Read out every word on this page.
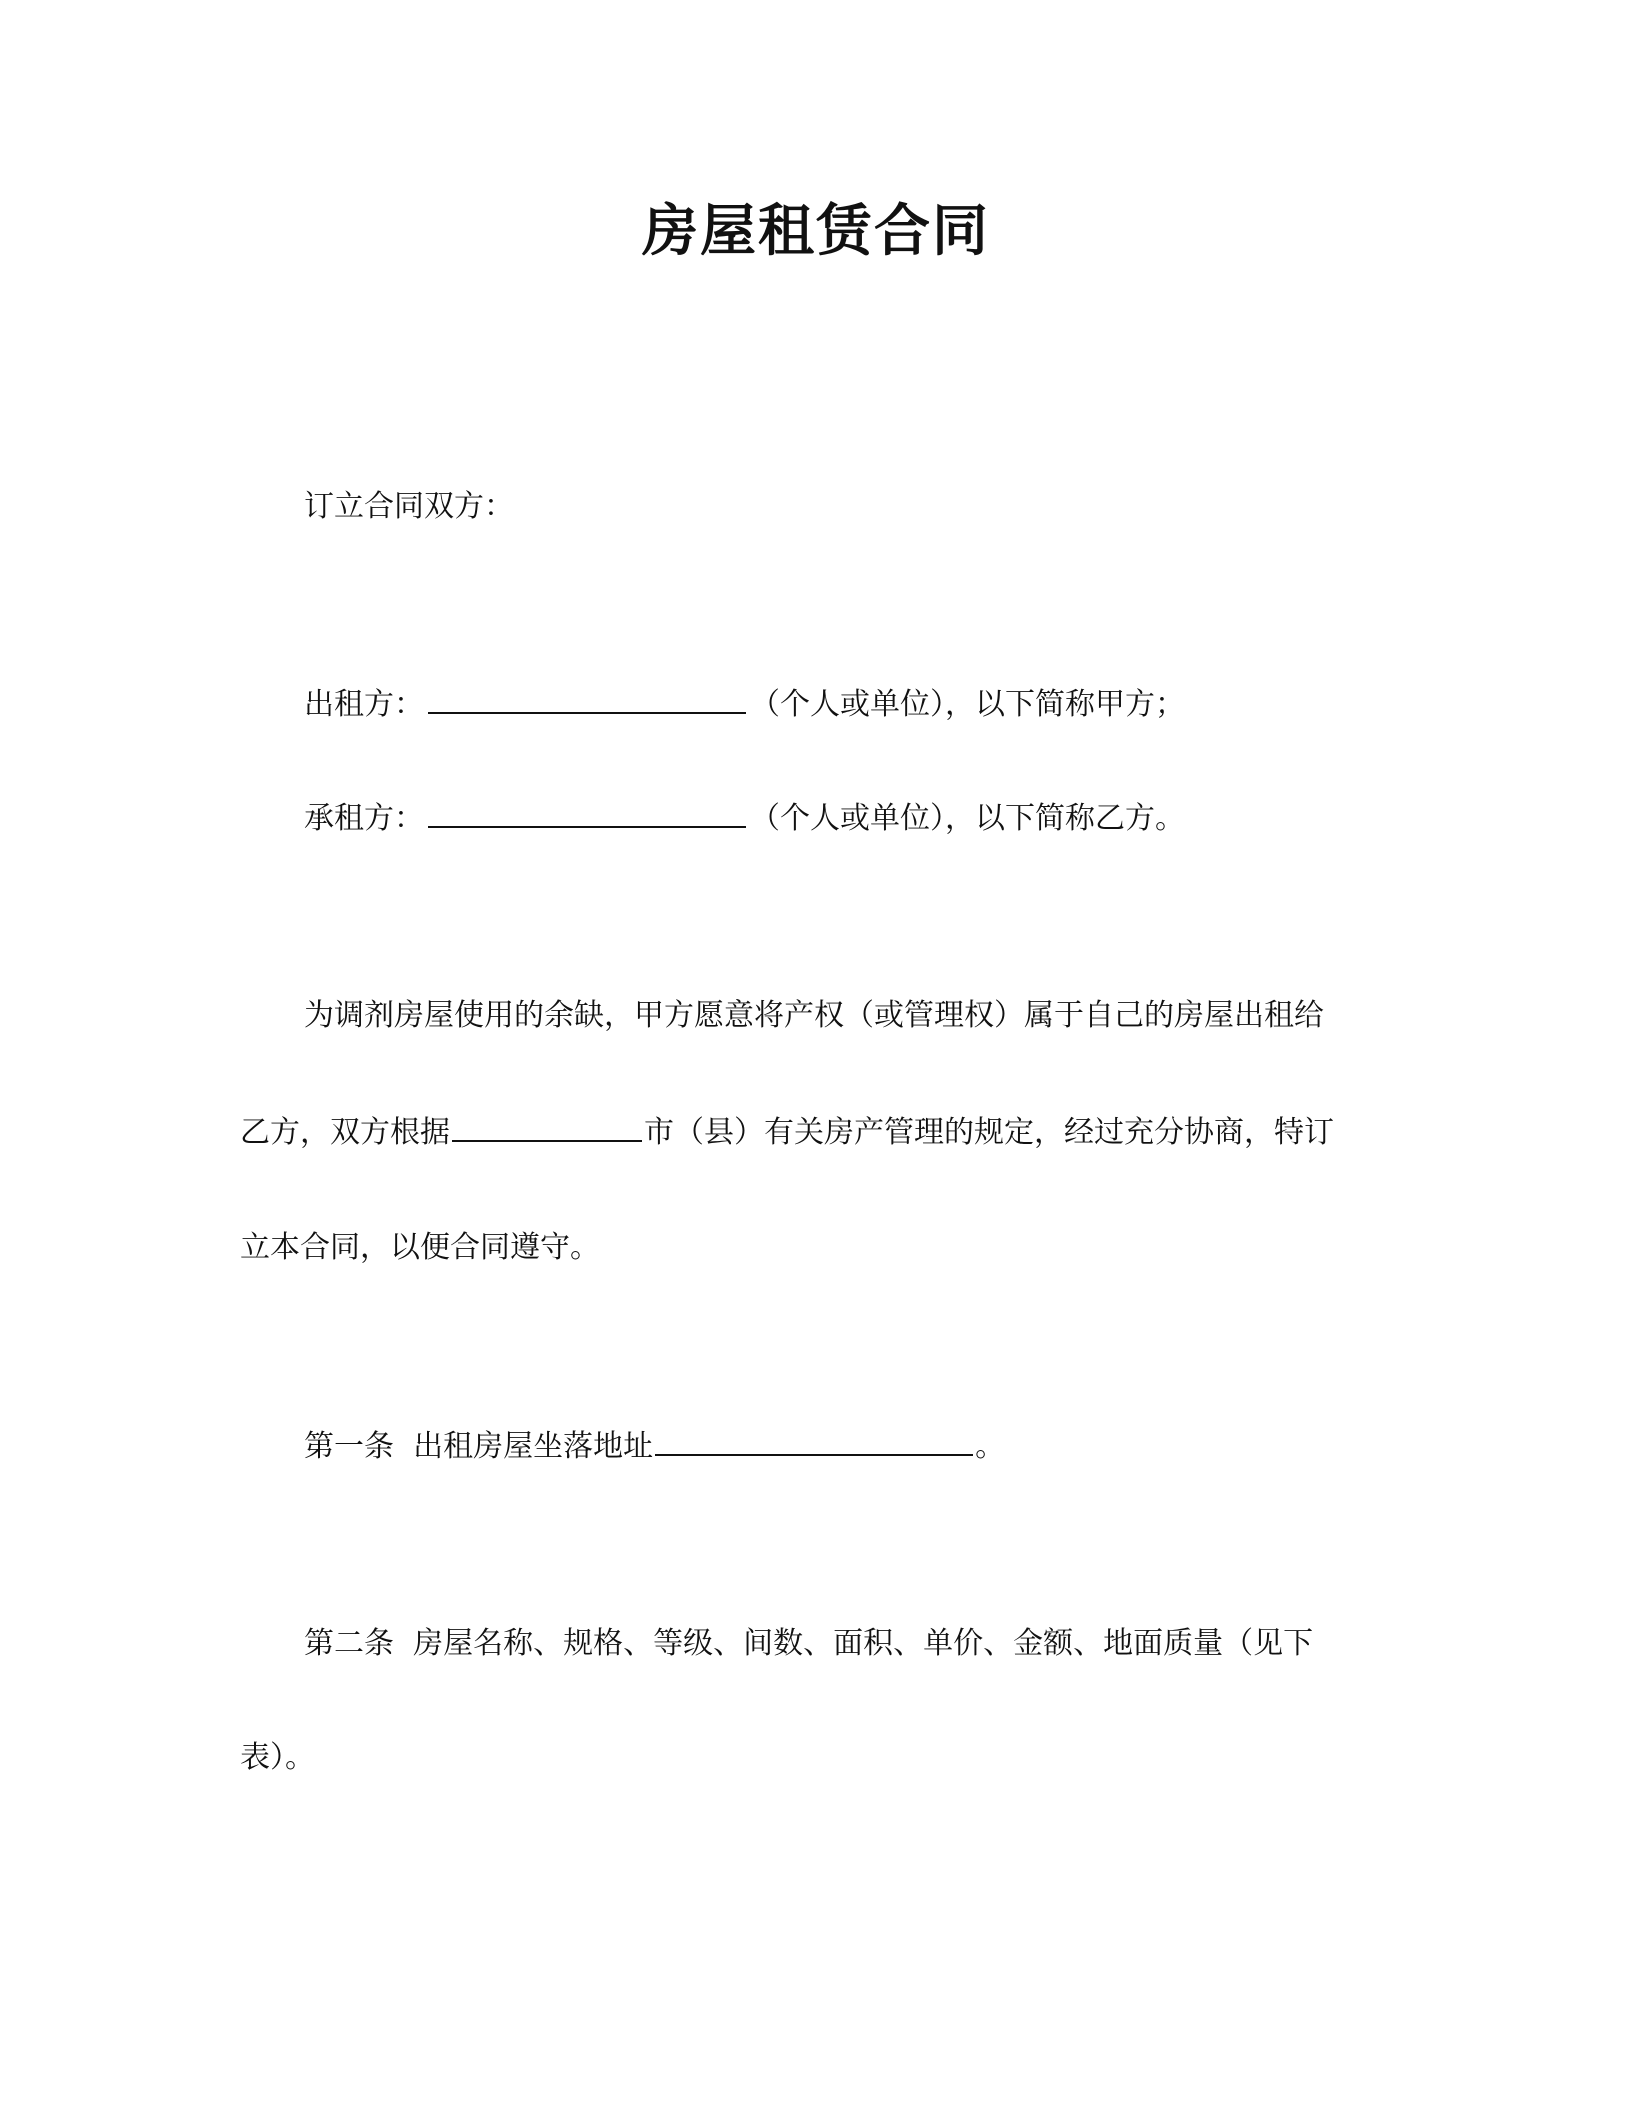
房屋租赁合同
订立合同双方：
出租方：	（个人或单位），以下简称甲方；
承租方：	（个人或单位），以下简称乙方。
为调剂房屋使用的余缺，甲方愿意将产权（或管理权）属于自己的房屋出租给
乙方，双方根据	市（县）有关房产管理的规定，经过充分协商，特订
立本合同，以便合同遵守。
第一条  出租房屋坐落地址	。
第二条  房屋名称、规格、等级、间数、面积、单价、金额、地面质量（见下
表）。
